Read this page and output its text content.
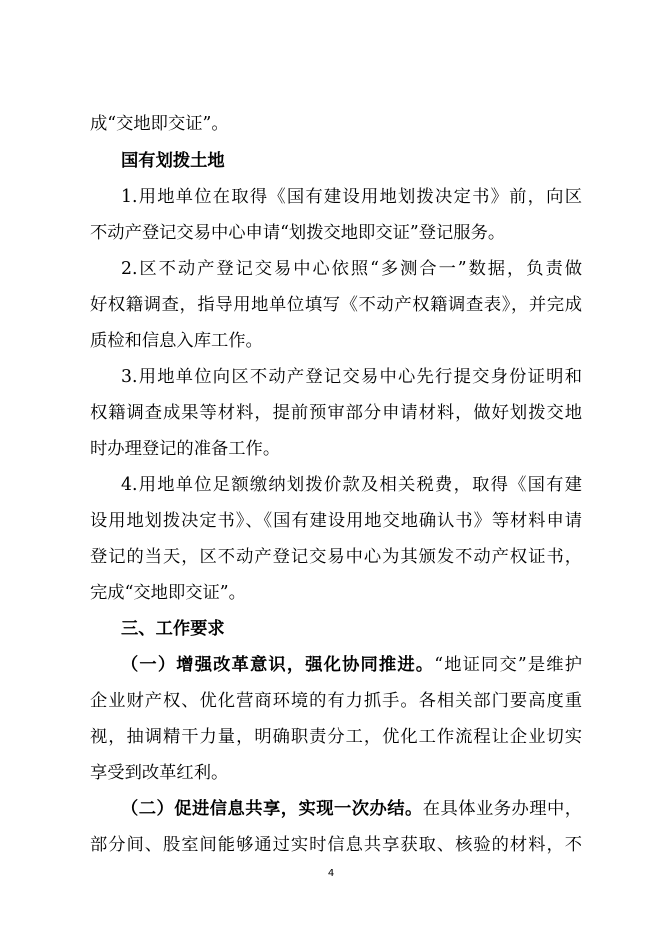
成“交地即交证”。
国有划拨土地
1.用地单位在取得《国有建设用地划拨决定书》前，向区
不动产登记交易中心申请“划拨交地即交证”登记服务。
2.区不动产登记交易中心依照“多测合一”数据，负责做
好权籍调查，指导用地单位填写《不动产权籍调查表》，并完成
质检和信息入库工作。
3.用地单位向区不动产登记交易中心先行提交身份证明和
权籍调查成果等材料，提前预审部分申请材料，做好划拨交地
时办理登记的准备工作。
4.用地单位足额缴纳划拨价款及相关税费，取得《国有建
设用地划拨决定书》、《国有建设用地交地确认书》等材料申请
登记的当天，区不动产登记交易中心为其颁发不动产权证书，
完成“交地即交证”。
三、工作要求
（一）增强改革意识，强化协同推进。“地证同交”是维护
企业财产权、优化营商环境的有力抓手。各相关部门要高度重
视，抽调精干力量，明确职责分工，优化工作流程让企业切实
享受到改革红利。
（二）促进信息共享，实现一次办结。在具体业务办理中，
部分间、股室间能够通过实时信息共享获取、核验的材料，不
4
